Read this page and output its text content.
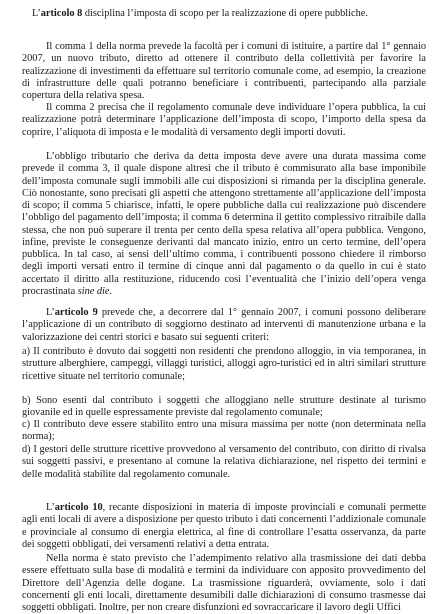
L’articolo 8 disciplina l’imposta di scopo per la realizzazione di opere pubbliche.

Il comma 1 della norma prevede la facoltà per i comuni di istituire, a partire dal 1° gennaio 2007, un nuovo tributo, diretto ad ottenere il contributo della collettività per favorire la realizzazione di investimenti da effettuare sul territorio comunale come, ad esempio, la creazione di infrastrutture delle quali potranno beneficiare i contribuenti, partecipando alla parziale copertura della relativa spesa.

Il comma 2 precisa che il regolamento comunale deve individuare l’opera pubblica, la cui realizzazione potrà determinare l’applicazione dell’imposta di scopo, l’importo della spesa da coprire, l’aliquota di imposta e le modalità di versamento degli importi dovuti.

L’obbligo tributario che deriva da detta imposta deve avere una durata massima come prevede il comma 3, il quale dispone altresì che il tributo è commisurato alla base imponibile dell’imposta comunale sugli immobili alle cui disposizioni si rimanda per la disciplina generale. Ciò nonostante, sono precisati gli aspetti che attengono strettamente all’applicazione dell’imposta di scopo; il comma 5 chiarisce, infatti, le opere pubbliche dalla cui realizzazione può discendere l’obbligo del pagamento dell’imposta; il comma 6 determina il gettito complessivo ritraibile dalla stessa, che non può superare il trenta per cento della spesa relativa all’opera pubblica. Vengono, infine, previste le conseguenze derivanti dal mancato inizio, entro un certo termine, dell’opera pubblica. In tal caso, ai sensi dell’ultimo comma, i contribuenti possono chiedere il rimborso degli importi versati entro il termine di cinque anni dal pagamento o da quello in cui è stato accertato il diritto alla restituzione, riducendo così l’eventualità che l’inizio dell’opera venga procrastinata sine die.

L’articolo 9 prevede che, a decorrere dal 1° gennaio 2007, i comuni possono deliberare l’applicazione di un contributo di soggiorno destinato ad interventi di manutenzione urbana e la valorizzazione dei centri storici e basato sui seguenti criteri:

a) Il contributo è dovuto dai soggetti non residenti che prendono alloggio, in via temporanea, in strutture alberghiere, campeggi, villaggi turistici, alloggi agro-turistici ed in altri similari strutture ricettive situate nel territorio comunale;

b) Sono esenti dal contributo i soggetti che alloggiano nelle strutture destinate al turismo giovanile ed in quelle espressamente previste dal regolamento comunale;

c) Il contributo deve essere stabilito entro una misura massima per notte (non determinata nella norma);

d) I gestori delle strutture ricettive provvedono al versamento del contributo, con diritto di rivalsa sui soggetti passivi, e presentano al comune la relativa dichiarazione, nel rispetto dei termini e delle modalità stabilite dal regolamento comunale.

L’articolo 10, recante disposizioni in materia di imposte provinciali e comunali permette agli enti locali di avere a disposizione per questo tributo i dati concernenti l’addizionale comunale e provinciale al consumo di energia elettrica, al fine di controllare l’esatta osservanza, da parte dei soggetti obbligati, dei versamenti relativi a detta entrata.

Nella norma è stato previsto che l’adempimento relativo alla trasmissione dei dati debba essere effettuato sulla base di modalità e termini da individuare con apposito provvedimento del Direttore dell’Agenzia delle dogane. La trasmissione riguarderà, ovviamente, solo i dati concernenti gli enti locali, direttamente desumibili dalle dichiarazioni di consumo trasmesse dai soggetti obbligati. Inoltre, per non creare disfunzioni ed sovraccaricare il lavoro degli Uffici
